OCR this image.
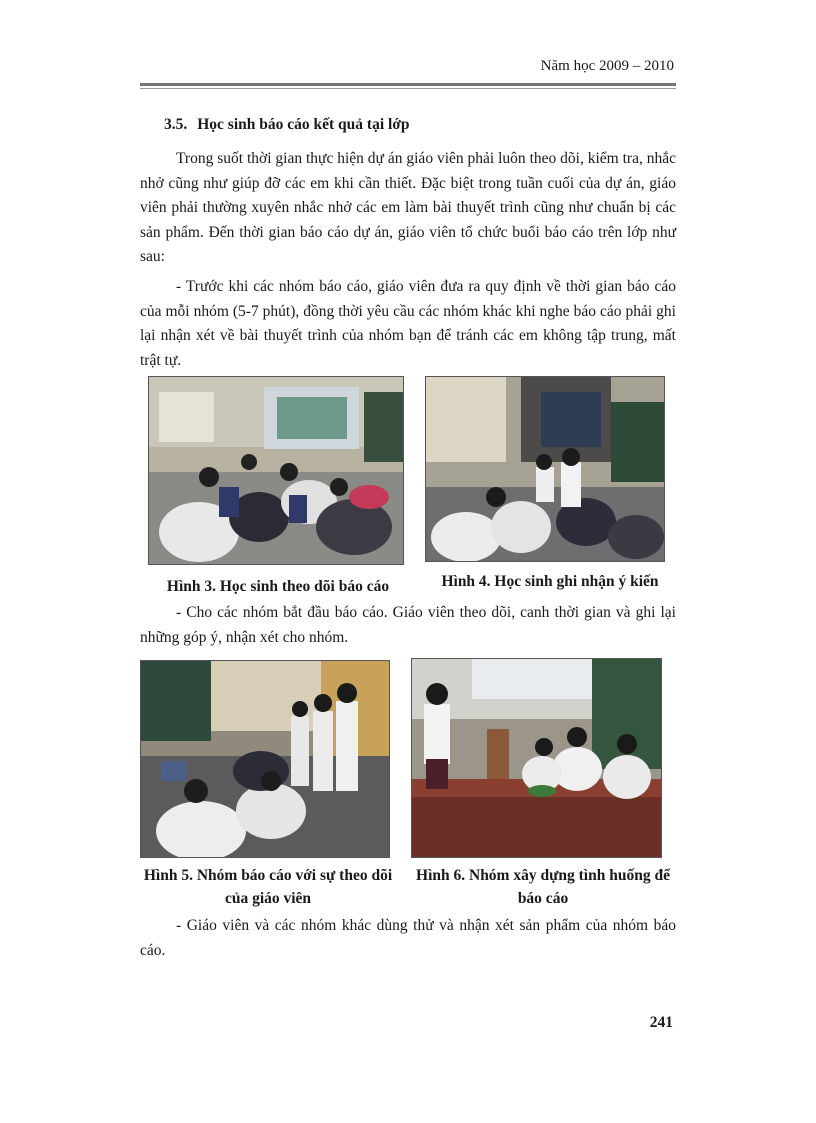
Năm học 2009 – 2010
3.5. Học sinh báo cáo kết quả tại lớp

Trong suốt thời gian thực hiện dự án giáo viên phải luôn theo dõi, kiểm tra, nhắc nhở cũng như giúp đỡ các em khi cần thiết. Đặc biệt trong tuần cuối của dự án, giáo viên phải thường xuyên nhắc nhở các em làm bài thuyết trình cũng như chuẩn bị các sản phẩm. Đến thời gian báo cáo dự án, giáo viên tổ chức buổi báo cáo trên lớp như sau:

- Trước khi các nhóm báo cáo, giáo viên đưa ra quy định về thời gian báo cáo của mỗi nhóm (5-7 phút), đồng thời yêu cầu các nhóm khác khi nghe báo cáo phải ghi lại nhận xét về bài thuyết trình của nhóm bạn để tránh các em không tập trung, mất trật tự.

Hình 3. Học sinh theo dõi báo cáo	Hình 4. Học sinh ghi nhận ý kiến

- Cho các nhóm bắt đầu báo cáo. Giáo viên theo dõi, canh thời gian và ghi lại những góp ý, nhận xét cho nhóm.

Hình 5. Nhóm báo cáo với sự theo dõi của giáo viên
Hình 6. Nhóm xây dựng tình huống để báo cáo

- Giáo viên và các nhóm khác dùng thử và nhận xét sản phẩm của nhóm báo cáo.

241
